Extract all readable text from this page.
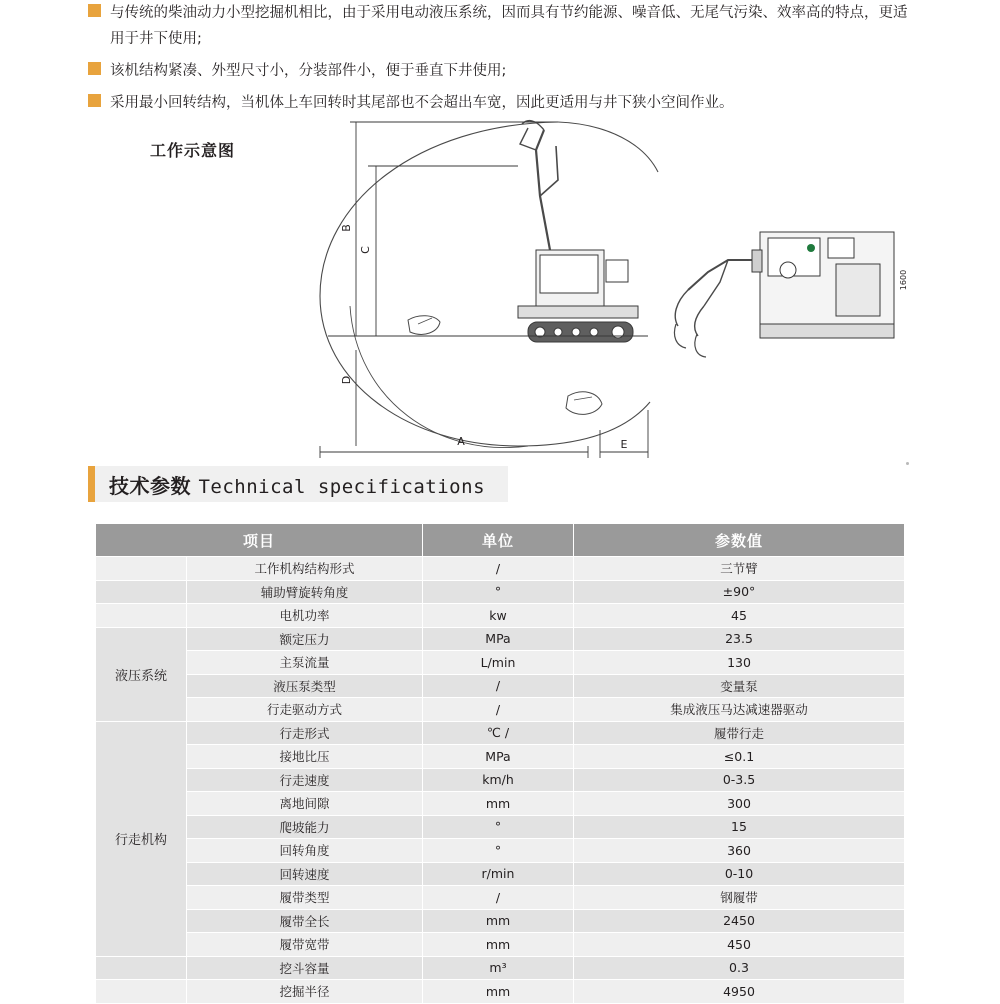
与传统的柴油动力小型挖掘机相比，由于采用电动液压系统，因而具有节约能源、噪音低、无尾气污染、效率高的特点，更适用于井下使用;
该机结构紧凑、外型尺寸小，分装部件小，便于垂直下井使用;
采用最小回转结构，当机体上车回转时其尾部也不会超出车宽，因此更适用与井下狭小空间作业。
工作示意图
A
B
C
D
E
1600
技术参数 Technical specifications
项目		单位	参数值
	工作机构结构形式	/	三节臂
	辅助臂旋转角度	°	±90°
	电机功率	kw	45
液压系统	额定压力	MPa	23.5
	主泵流量	L/min	130
	液压泵类型	/	变量泵
	行走驱动方式	/	集成液压马达减速器驱动
行走机构	行走形式	℃ /	履带行走
	接地比压	MPa	≤0.1
	行走速度	km/h	0-3.5
	离地间隙	mm	300
	爬坡能力	°	15
	回转角度	°	360
	回转速度	r/min	0-10
	履带类型	/	钢履带
	履带全长	mm	2450
	履带宽带	mm	450
	挖斗容量	m³	0.3
	挖掘半径	mm	4950
